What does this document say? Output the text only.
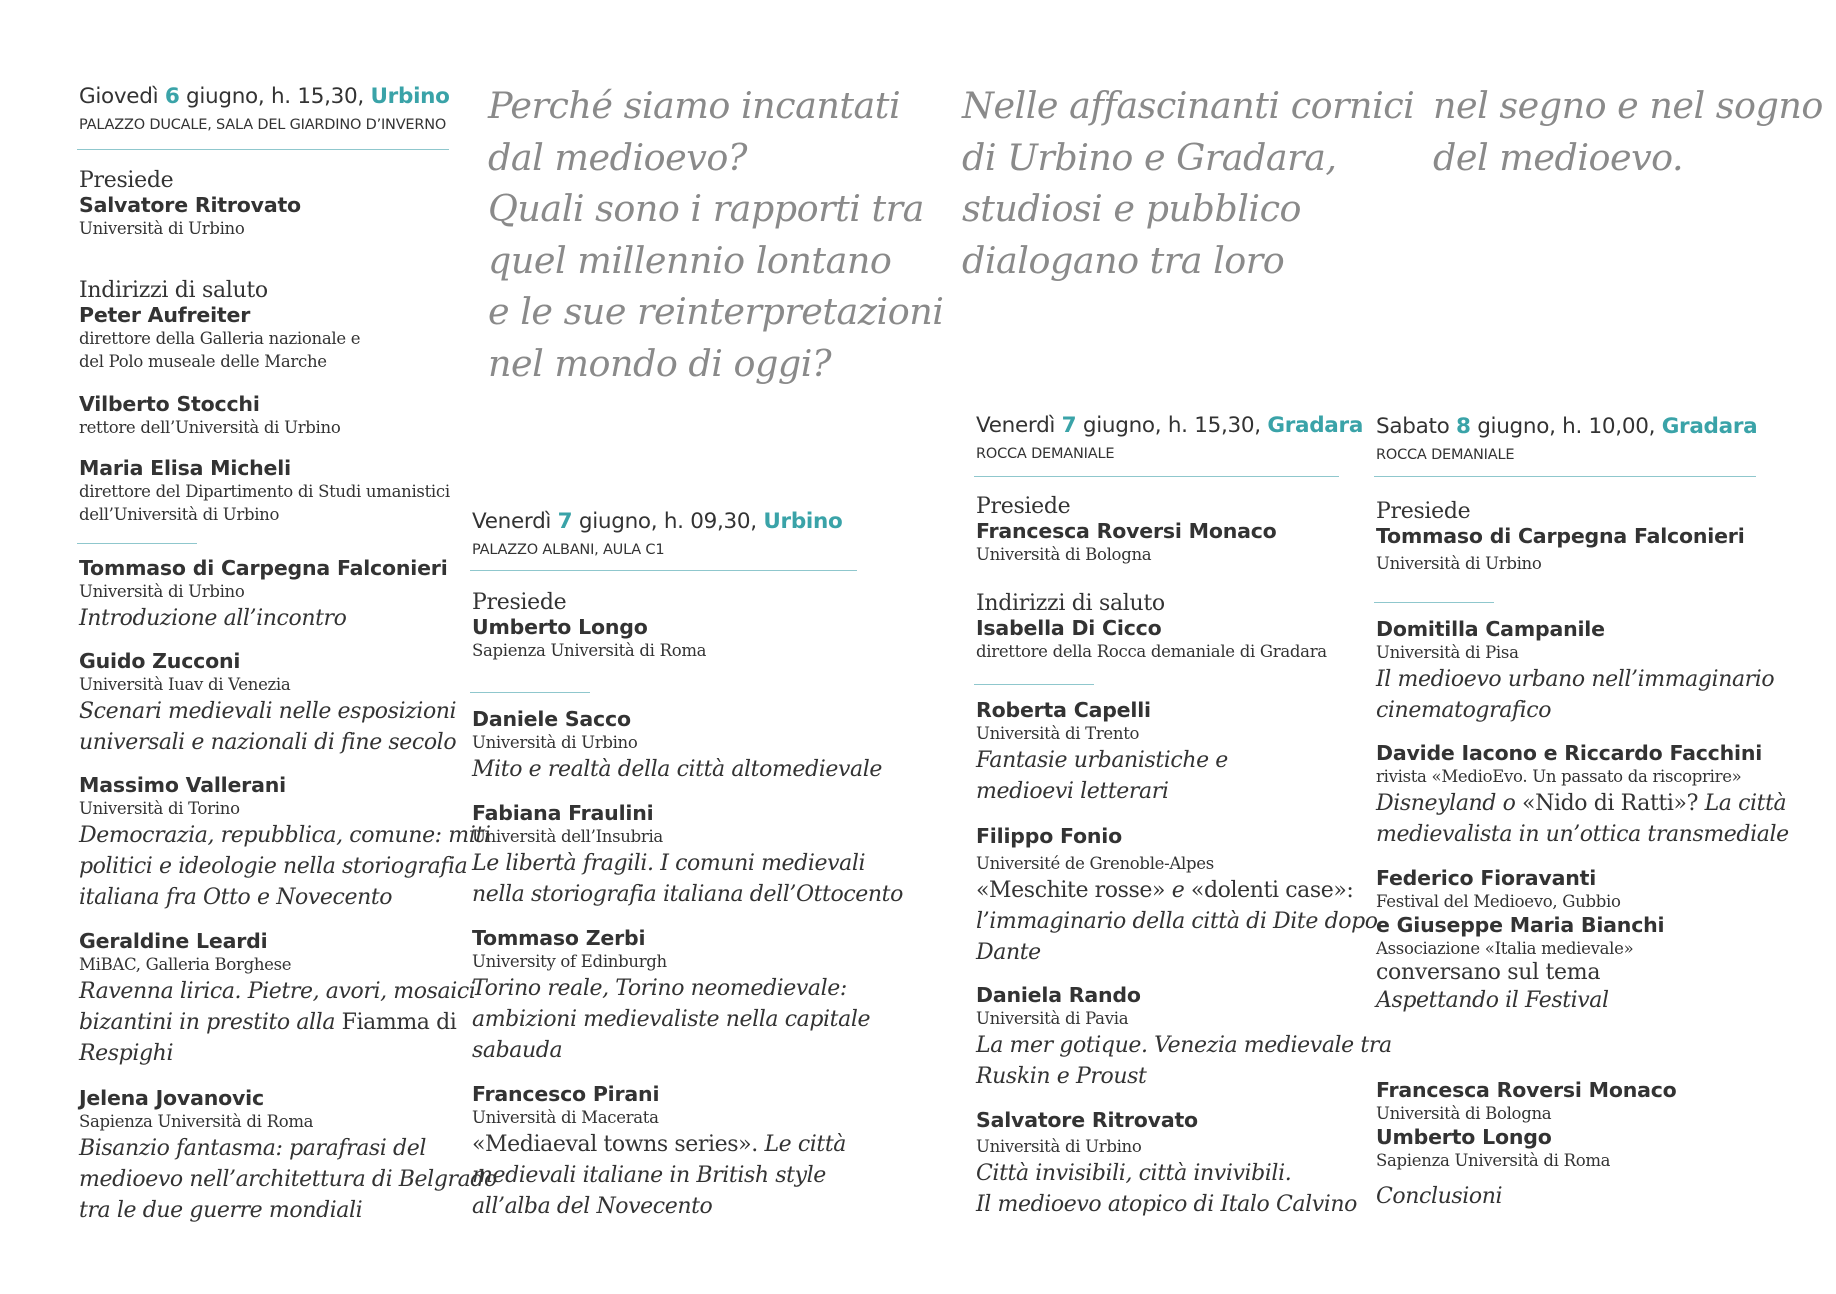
Perché siamo incantati
dal medioevo?
Quali sono i rapporti tra
quel millennio lontano
e le sue reinterpretazioni
nel mondo di oggi?
Nelle affascinanti cornici
di Urbino e Gradara,
studiosi e pubblico
dialogano tra loro
nel segno e nel sogno
del medioevo.
Giovedì 6 giugno, h. 15,30, Urbino
PALAZZO DUCALE, SALA DEL GIARDINO D’INVERNO
Presiede
Salvatore Ritrovato
Università di Urbino
Indirizzi di saluto
Peter Aufreiter
direttore della Galleria nazionale e
del Polo museale delle Marche
Vilberto Stocchi
rettore dell’Università di Urbino
Maria Elisa Micheli
direttore del Dipartimento di Studi umanistici
dell’Università di Urbino
Tommaso di Carpegna Falconieri
Università di Urbino
Introduzione all’incontro
Guido Zucconi
Università Iuav di Venezia
Scenari medievali nelle esposizioni
universali e nazionali di fine secolo
Massimo Vallerani
Università di Torino
Democrazia, repubblica, comune: miti
politici e ideologie nella storiografia
italiana fra Otto e Novecento
Geraldine Leardi
MiBAC, Galleria Borghese
Ravenna lirica. Pietre, avori, mosaici
bizantini in prestito alla Fiamma di
Respighi
Jelena Jovanovic
Sapienza Università di Roma
Bisanzio fantasma: parafrasi del
medioevo nell’architettura di Belgrado
tra le due guerre mondiali
Venerdì 7 giugno, h. 09,30, Urbino
PALAZZO ALBANI, AULA C1
Presiede
Umberto Longo
Sapienza Università di Roma
Daniele Sacco
Università di Urbino
Mito e realtà della città altomedievale
Fabiana Fraulini
Università dell’Insubria
Le libertà fragili. I comuni medievali
nella storiografia italiana dell’Ottocento
Tommaso Zerbi
University of Edinburgh
Torino reale, Torino neomedievale:
ambizioni medievaliste nella capitale
sabauda
Francesco Pirani
Università di Macerata
«Mediaeval towns series». Le città
medievali italiane in British style
all’alba del Novecento
Venerdì 7 giugno, h. 15,30, Gradara
ROCCA DEMANIALE
Presiede
Francesca Roversi Monaco
Università di Bologna
Indirizzi di saluto
Isabella Di Cicco
direttore della Rocca demaniale di Gradara
Roberta Capelli
Università di Trento
Fantasie urbanistiche e
medioevi letterari
Filippo Fonio
Université de Grenoble-Alpes
«Meschite rosse» e «dolenti case»:
l’immaginario della città di Dite dopo
Dante
Daniela Rando
Università di Pavia
La mer gotique. Venezia medievale tra
Ruskin e Proust
Salvatore Ritrovato
Università di Urbino
Città invisibili, città invivibili.
Il medioevo atopico di Italo Calvino
Sabato 8 giugno, h. 10,00, Gradara
ROCCA DEMANIALE
Presiede
Tommaso di Carpegna Falconieri
Università di Urbino
Domitilla Campanile
Università di Pisa
Il medioevo urbano nell’immaginario
cinematografico
Davide Iacono e Riccardo Facchini
rivista «MedioEvo. Un passato da riscoprire»
Disneyland o «Nido di Ratti»? La città
medievalista in un’ottica transmediale
Federico Fioravanti
Festival del Medioevo, Gubbio
e Giuseppe Maria Bianchi
Associazione «Italia medievale»
conversano sul tema
Aspettando il Festival
Francesca Roversi Monaco
Università di Bologna
Umberto Longo
Sapienza Università di Roma
Conclusioni
